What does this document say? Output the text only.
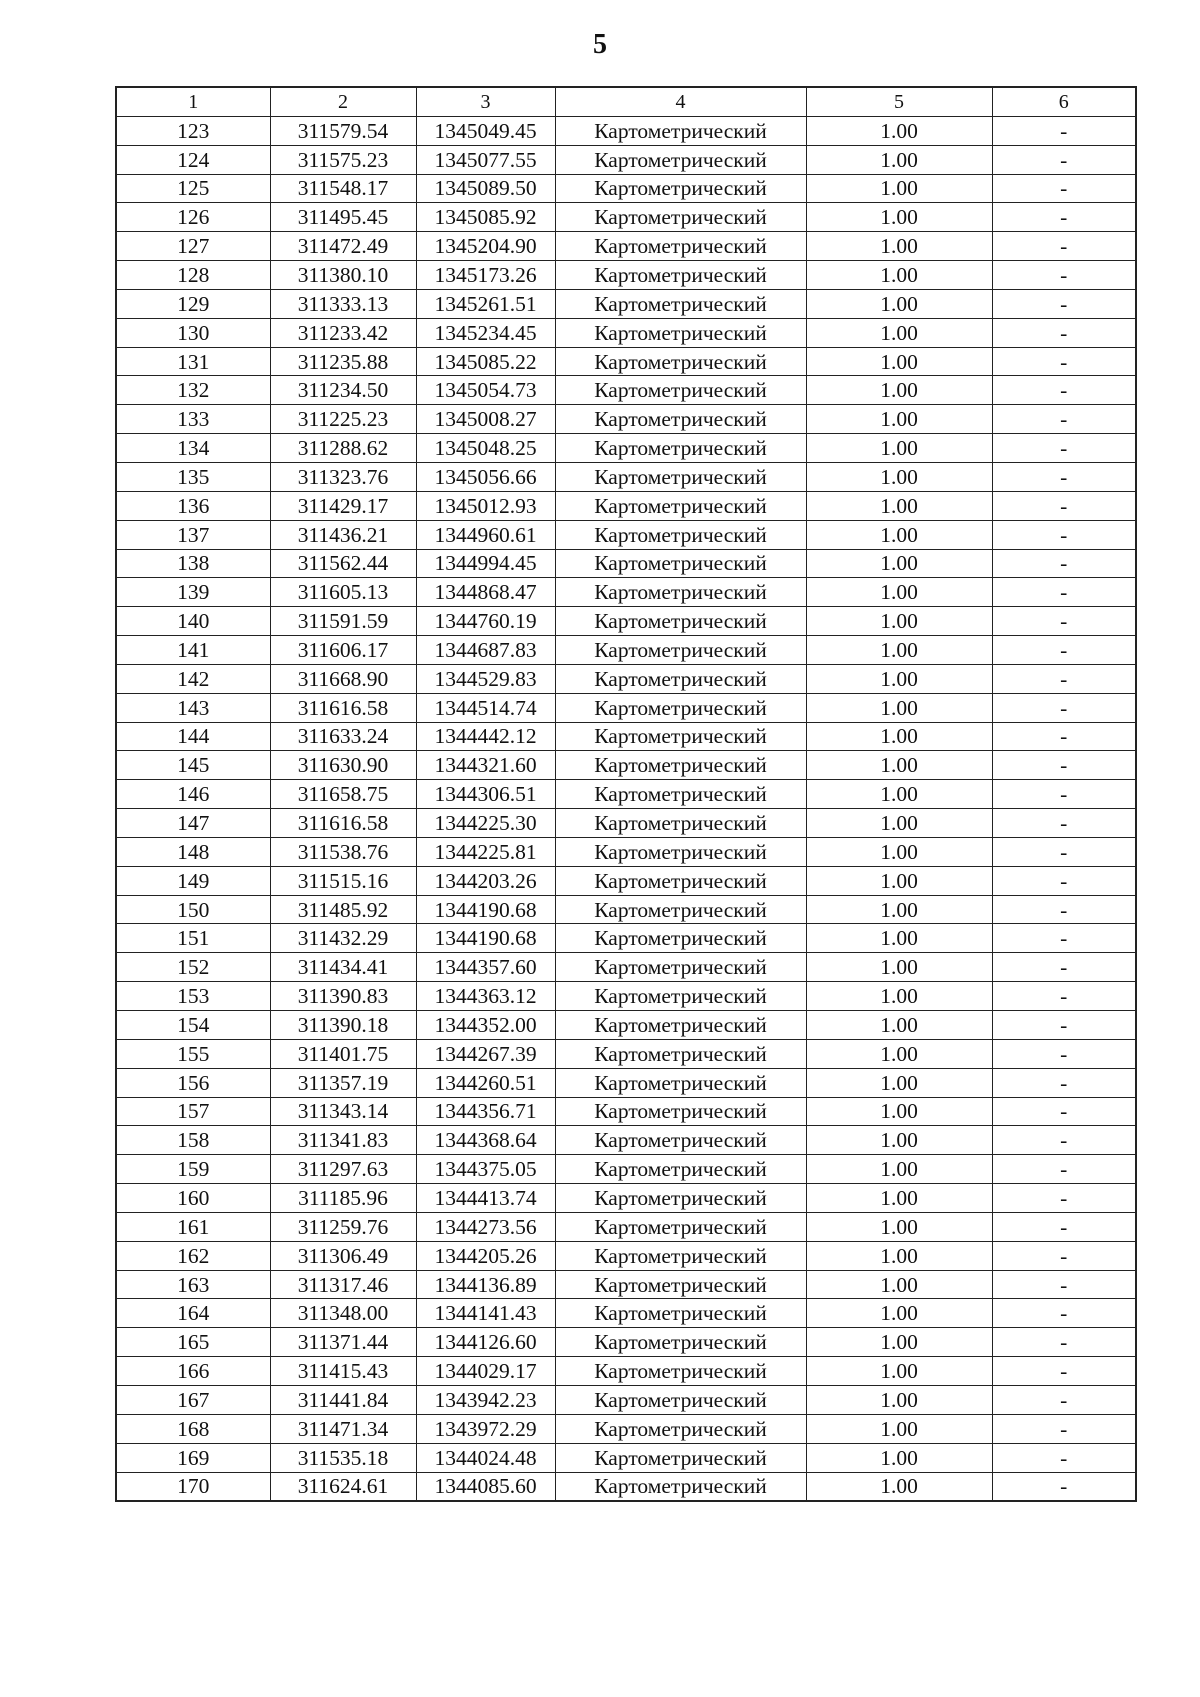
5
1	2	3	4	5	6
123	311579.54	1345049.45	Картометрический	1.00	-
124	311575.23	1345077.55	Картометрический	1.00	-
125	311548.17	1345089.50	Картометрический	1.00	-
126	311495.45	1345085.92	Картометрический	1.00	-
127	311472.49	1345204.90	Картометрический	1.00	-
128	311380.10	1345173.26	Картометрический	1.00	-
129	311333.13	1345261.51	Картометрический	1.00	-
130	311233.42	1345234.45	Картометрический	1.00	-
131	311235.88	1345085.22	Картометрический	1.00	-
132	311234.50	1345054.73	Картометрический	1.00	-
133	311225.23	1345008.27	Картометрический	1.00	-
134	311288.62	1345048.25	Картометрический	1.00	-
135	311323.76	1345056.66	Картометрический	1.00	-
136	311429.17	1345012.93	Картометрический	1.00	-
137	311436.21	1344960.61	Картометрический	1.00	-
138	311562.44	1344994.45	Картометрический	1.00	-
139	311605.13	1344868.47	Картометрический	1.00	-
140	311591.59	1344760.19	Картометрический	1.00	-
141	311606.17	1344687.83	Картометрический	1.00	-
142	311668.90	1344529.83	Картометрический	1.00	-
143	311616.58	1344514.74	Картометрический	1.00	-
144	311633.24	1344442.12	Картометрический	1.00	-
145	311630.90	1344321.60	Картометрический	1.00	-
146	311658.75	1344306.51	Картометрический	1.00	-
147	311616.58	1344225.30	Картометрический	1.00	-
148	311538.76	1344225.81	Картометрический	1.00	-
149	311515.16	1344203.26	Картометрический	1.00	-
150	311485.92	1344190.68	Картометрический	1.00	-
151	311432.29	1344190.68	Картометрический	1.00	-
152	311434.41	1344357.60	Картометрический	1.00	-
153	311390.83	1344363.12	Картометрический	1.00	-
154	311390.18	1344352.00	Картометрический	1.00	-
155	311401.75	1344267.39	Картометрический	1.00	-
156	311357.19	1344260.51	Картометрический	1.00	-
157	311343.14	1344356.71	Картометрический	1.00	-
158	311341.83	1344368.64	Картометрический	1.00	-
159	311297.63	1344375.05	Картометрический	1.00	-
160	311185.96	1344413.74	Картометрический	1.00	-
161	311259.76	1344273.56	Картометрический	1.00	-
162	311306.49	1344205.26	Картометрический	1.00	-
163	311317.46	1344136.89	Картометрический	1.00	-
164	311348.00	1344141.43	Картометрический	1.00	-
165	311371.44	1344126.60	Картометрический	1.00	-
166	311415.43	1344029.17	Картометрический	1.00	-
167	311441.84	1343942.23	Картометрический	1.00	-
168	311471.34	1343972.29	Картометрический	1.00	-
169	311535.18	1344024.48	Картометрический	1.00	-
170	311624.61	1344085.60	Картометрический	1.00	-
